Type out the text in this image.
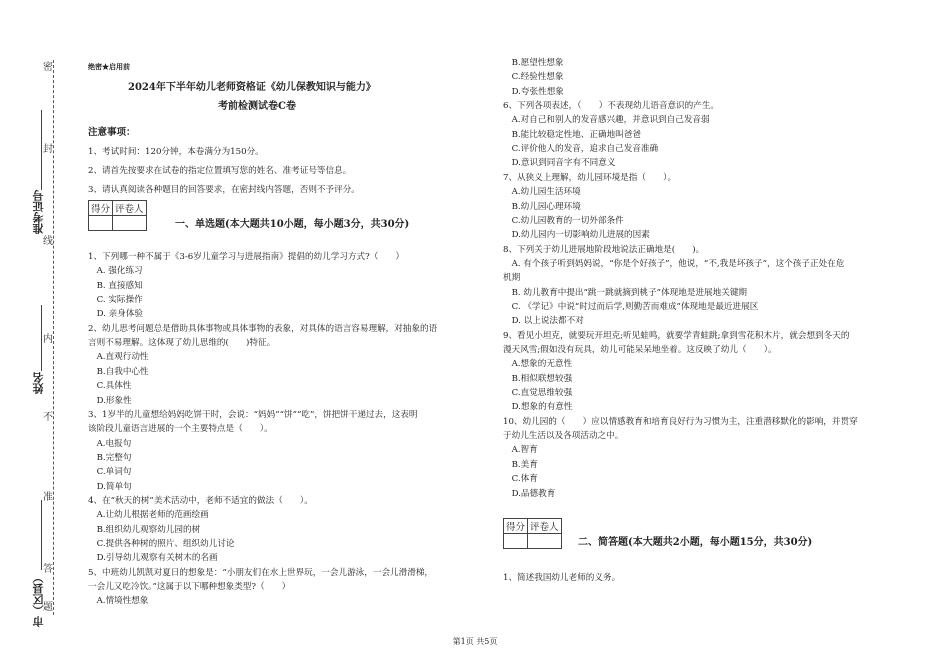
密
封
线
内
不
准
答
题
准考证号
姓名
市（区县）
绝密★启用前
2024年下半年幼儿老师资格证《幼儿保教知识与能力》
考前检测试卷C卷
注意事项：
1、考试时间：120分钟，本卷满分为150分。
2、请首先按要求在试卷的指定位置填写您的姓名、准考证号等信息。
3、请认真阅读各种题目的回答要求，在密封线内答题，否则不予评分。
得分	评卷人

一、单选题(本大题共10小题，每小题3分，共30分)
1、下列哪一种不属于《3-6岁儿童学习与进展指南》提倡的幼儿学习方式?（　　）
　A. 强化练习
　B. 直接感知
　C. 实际操作
　D. 亲身体验
2、幼儿思考问题总是借助具体事物或具体事物的表象，对具体的语言容易理解，对抽象的语
言则不易理解。这体现了幼儿思维的(　　)特征。
　A.直观行动性
　B.自我中心性
　C.具体性
　D.形象性
3、1岁半的儿童想给妈妈吃饼干时，会说：“妈妈”“饼”“吃”，饼把饼干递过去，这表明
该阶段儿童语言进展的一个主要特点是（　　）。
　A.电报句
　B.完整句
　C.单词句
　D.简单句
4、在“秋天的树”美术活动中，老师不适宜的做法（　　）。
　A.让幼儿根据老师的范画绘画
　B.组织幼儿观察幼儿园的树
　C.提供各种树的照片、组织幼儿讨论
　D.引导幼儿观察有关树木的名画
5、中班幼儿凯凯对夏日的想象是：“小朋友们在水上世界玩，一会儿游泳，一会儿滑滑梯，
一会儿又吃冷饮。”这属于以下哪种想象类型?（　　）
　A.情境性想象
　B.愿望性想象
　C.经验性想象
　D.夸张性想象
6、下列各项表述，（　　）不表现幼儿语音意识的产生。
　A.对自己和别人的发音感兴趣，并意识到自己发音弱
　B.能比较稳定性地、正确地叫爸爸
　C.评价他人的发音，追求自己发音准确
　D.意识到同音字有不同意义
7、从狭义上理解，幼儿园环境是指（　　）。
　A.幼儿园生活环境
　B.幼儿园心理环境
　C.幼儿园教育的一切外部条件
　D.幼儿园内一切影响幼儿进展的因素
8、下列关于幼儿进展地阶段地说法正确地是(　　)。
　A. 有个孩子听到妈妈说，“你是个好孩子”，他说，“不,我是坏孩子”，这个孩子正处在危
机期
　B. 幼儿教育中提出“跳一跳就摘到桃子”体现地是进展地关键期
　C. 《学记》中说“时过而后学,则勤苦而难成”体现地是最近进展区
　D. 以上说法都不对
9、看见小坦克，就要玩开坦克;听见蛙鸣，就要学青蛙跳;拿到雪花积木片，就会想到冬天的
漫天风雪;假如没有玩具，幼儿可能呆呆地坐着。这反映了幼儿（　　）。
　A.想象的无意性
　B.相似联想较强
　C.直觉思维较强
　D.想象的有意性
10、幼儿园的（　　）应以情感教育和培育良好行为习惯为主，注重潜移默化的影响，并贯穿
于幼儿生活以及各项活动之中。
　A.智育
　B.美育
　C.体育
　D.品德教育
得分	评卷人

二、简答题(本大题共2小题，每小题15分，共30分)
1、简述我国幼儿老师的义务。
第1页 共5页
